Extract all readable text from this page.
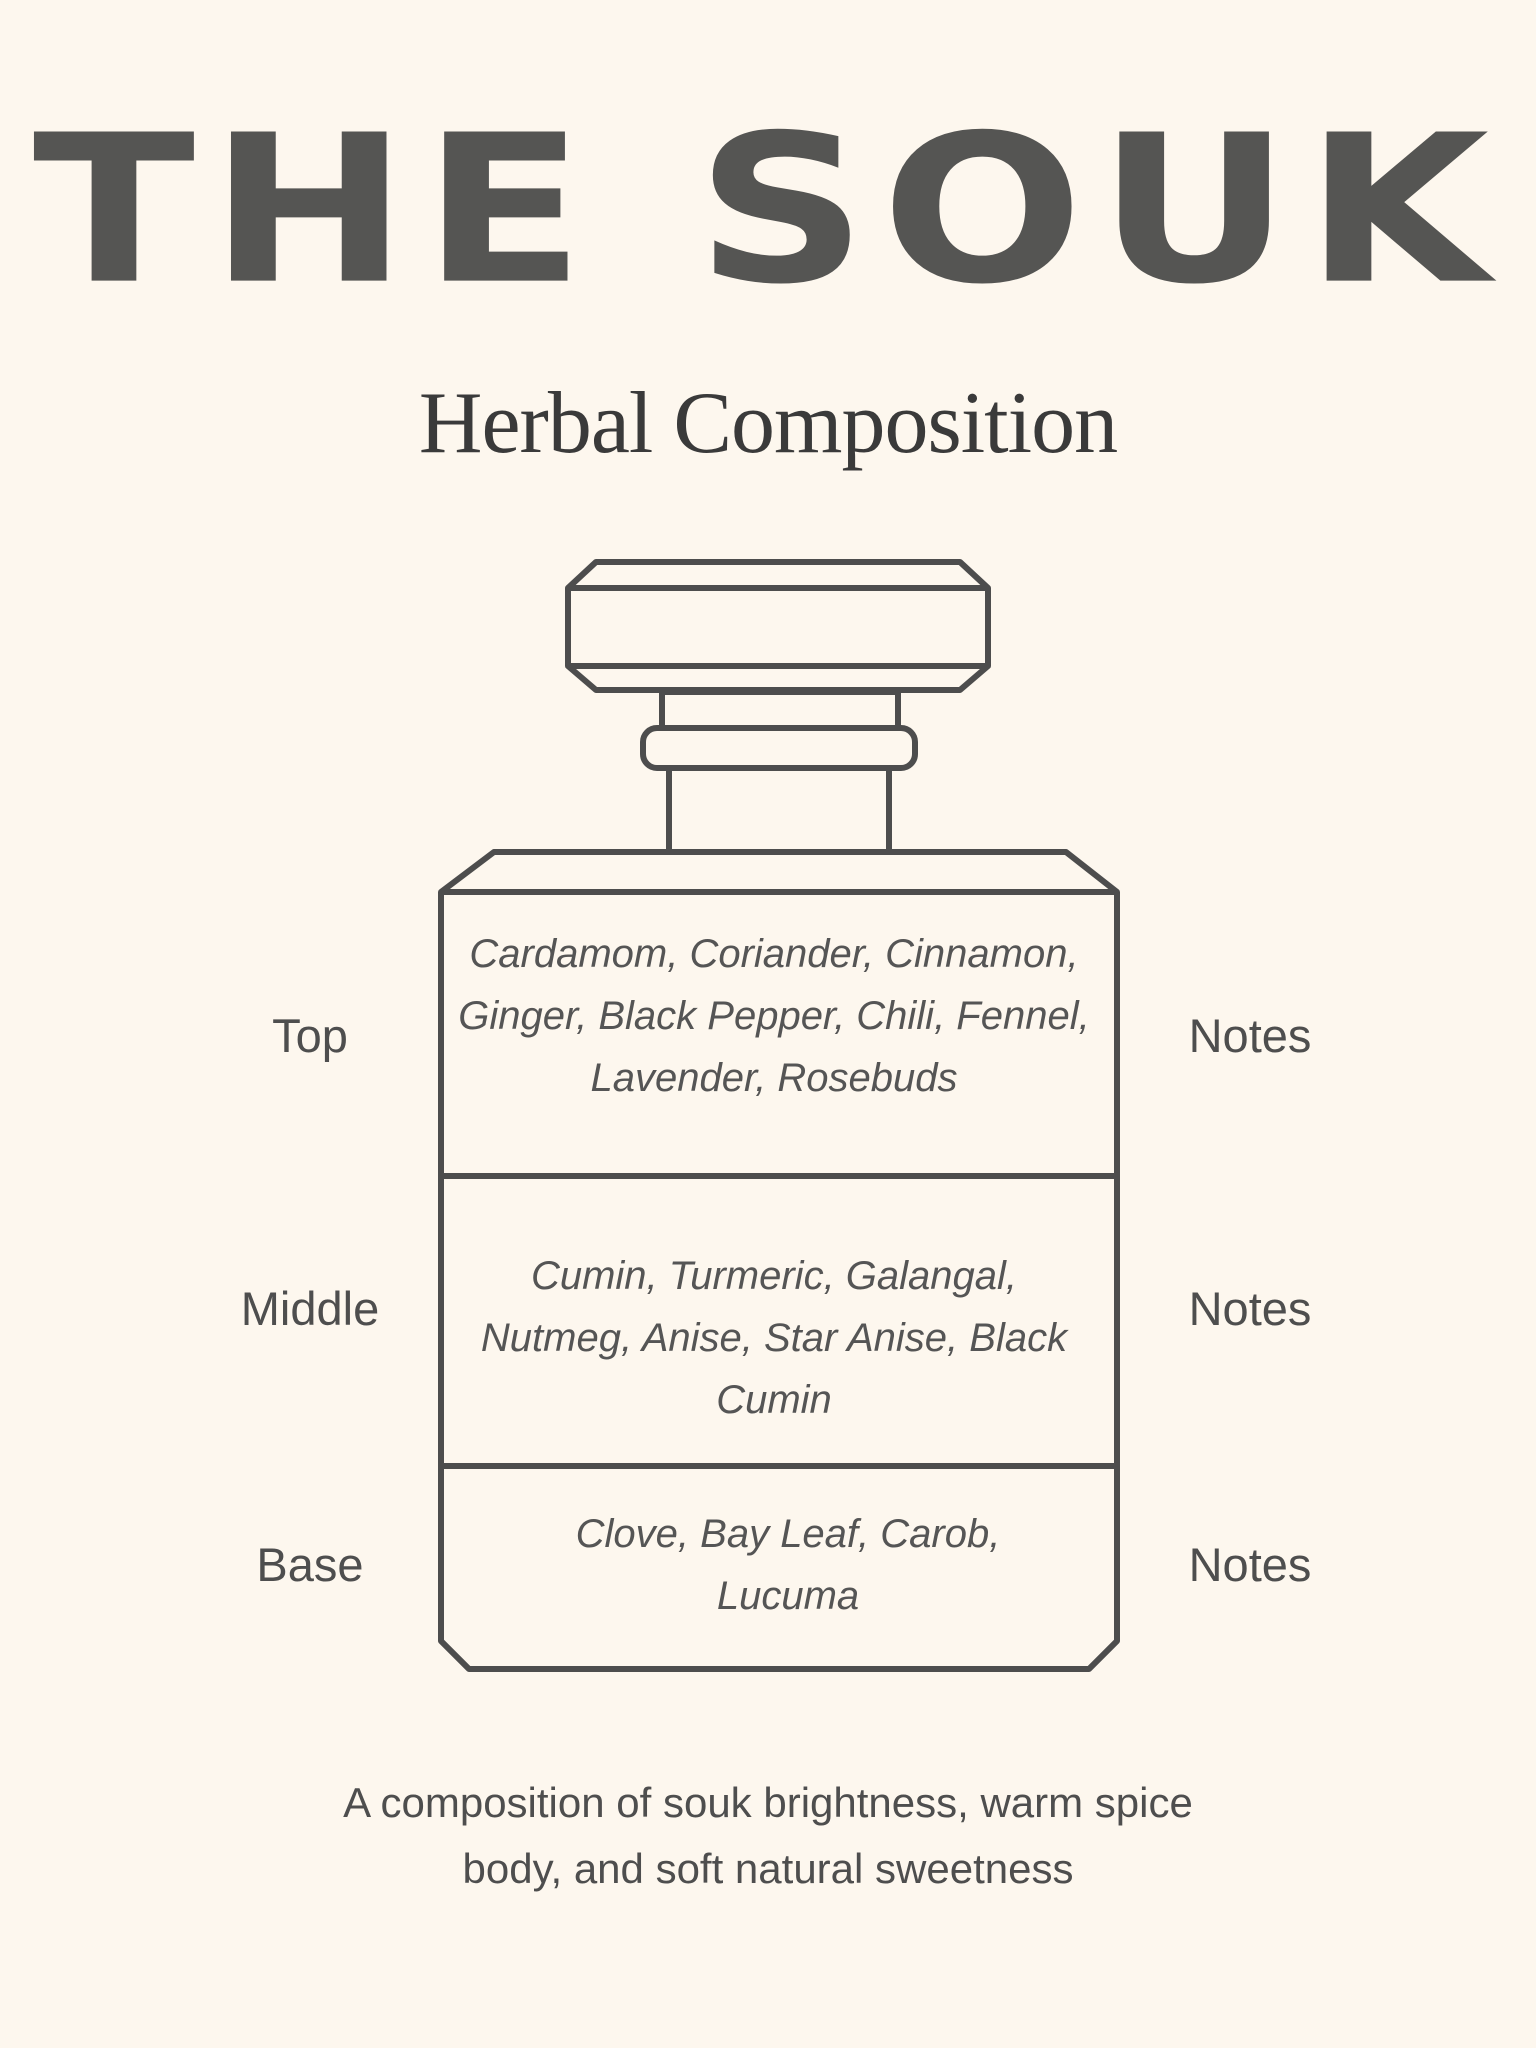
THE SOUK
Herbal Composition
Top
Cardamom, Coriander, Cinnamon, Ginger, Black Pepper, Chili, Fennel, Lavender, Rosebuds
Notes
Middle
Cumin, Turmeric, Galangal, Nutmeg, Anise, Star Anise, Black Cumin
Notes
Base
Clove, Bay Leaf, Carob, Lucuma
Notes
A composition of souk brightness, warm spice body, and soft natural sweetness
